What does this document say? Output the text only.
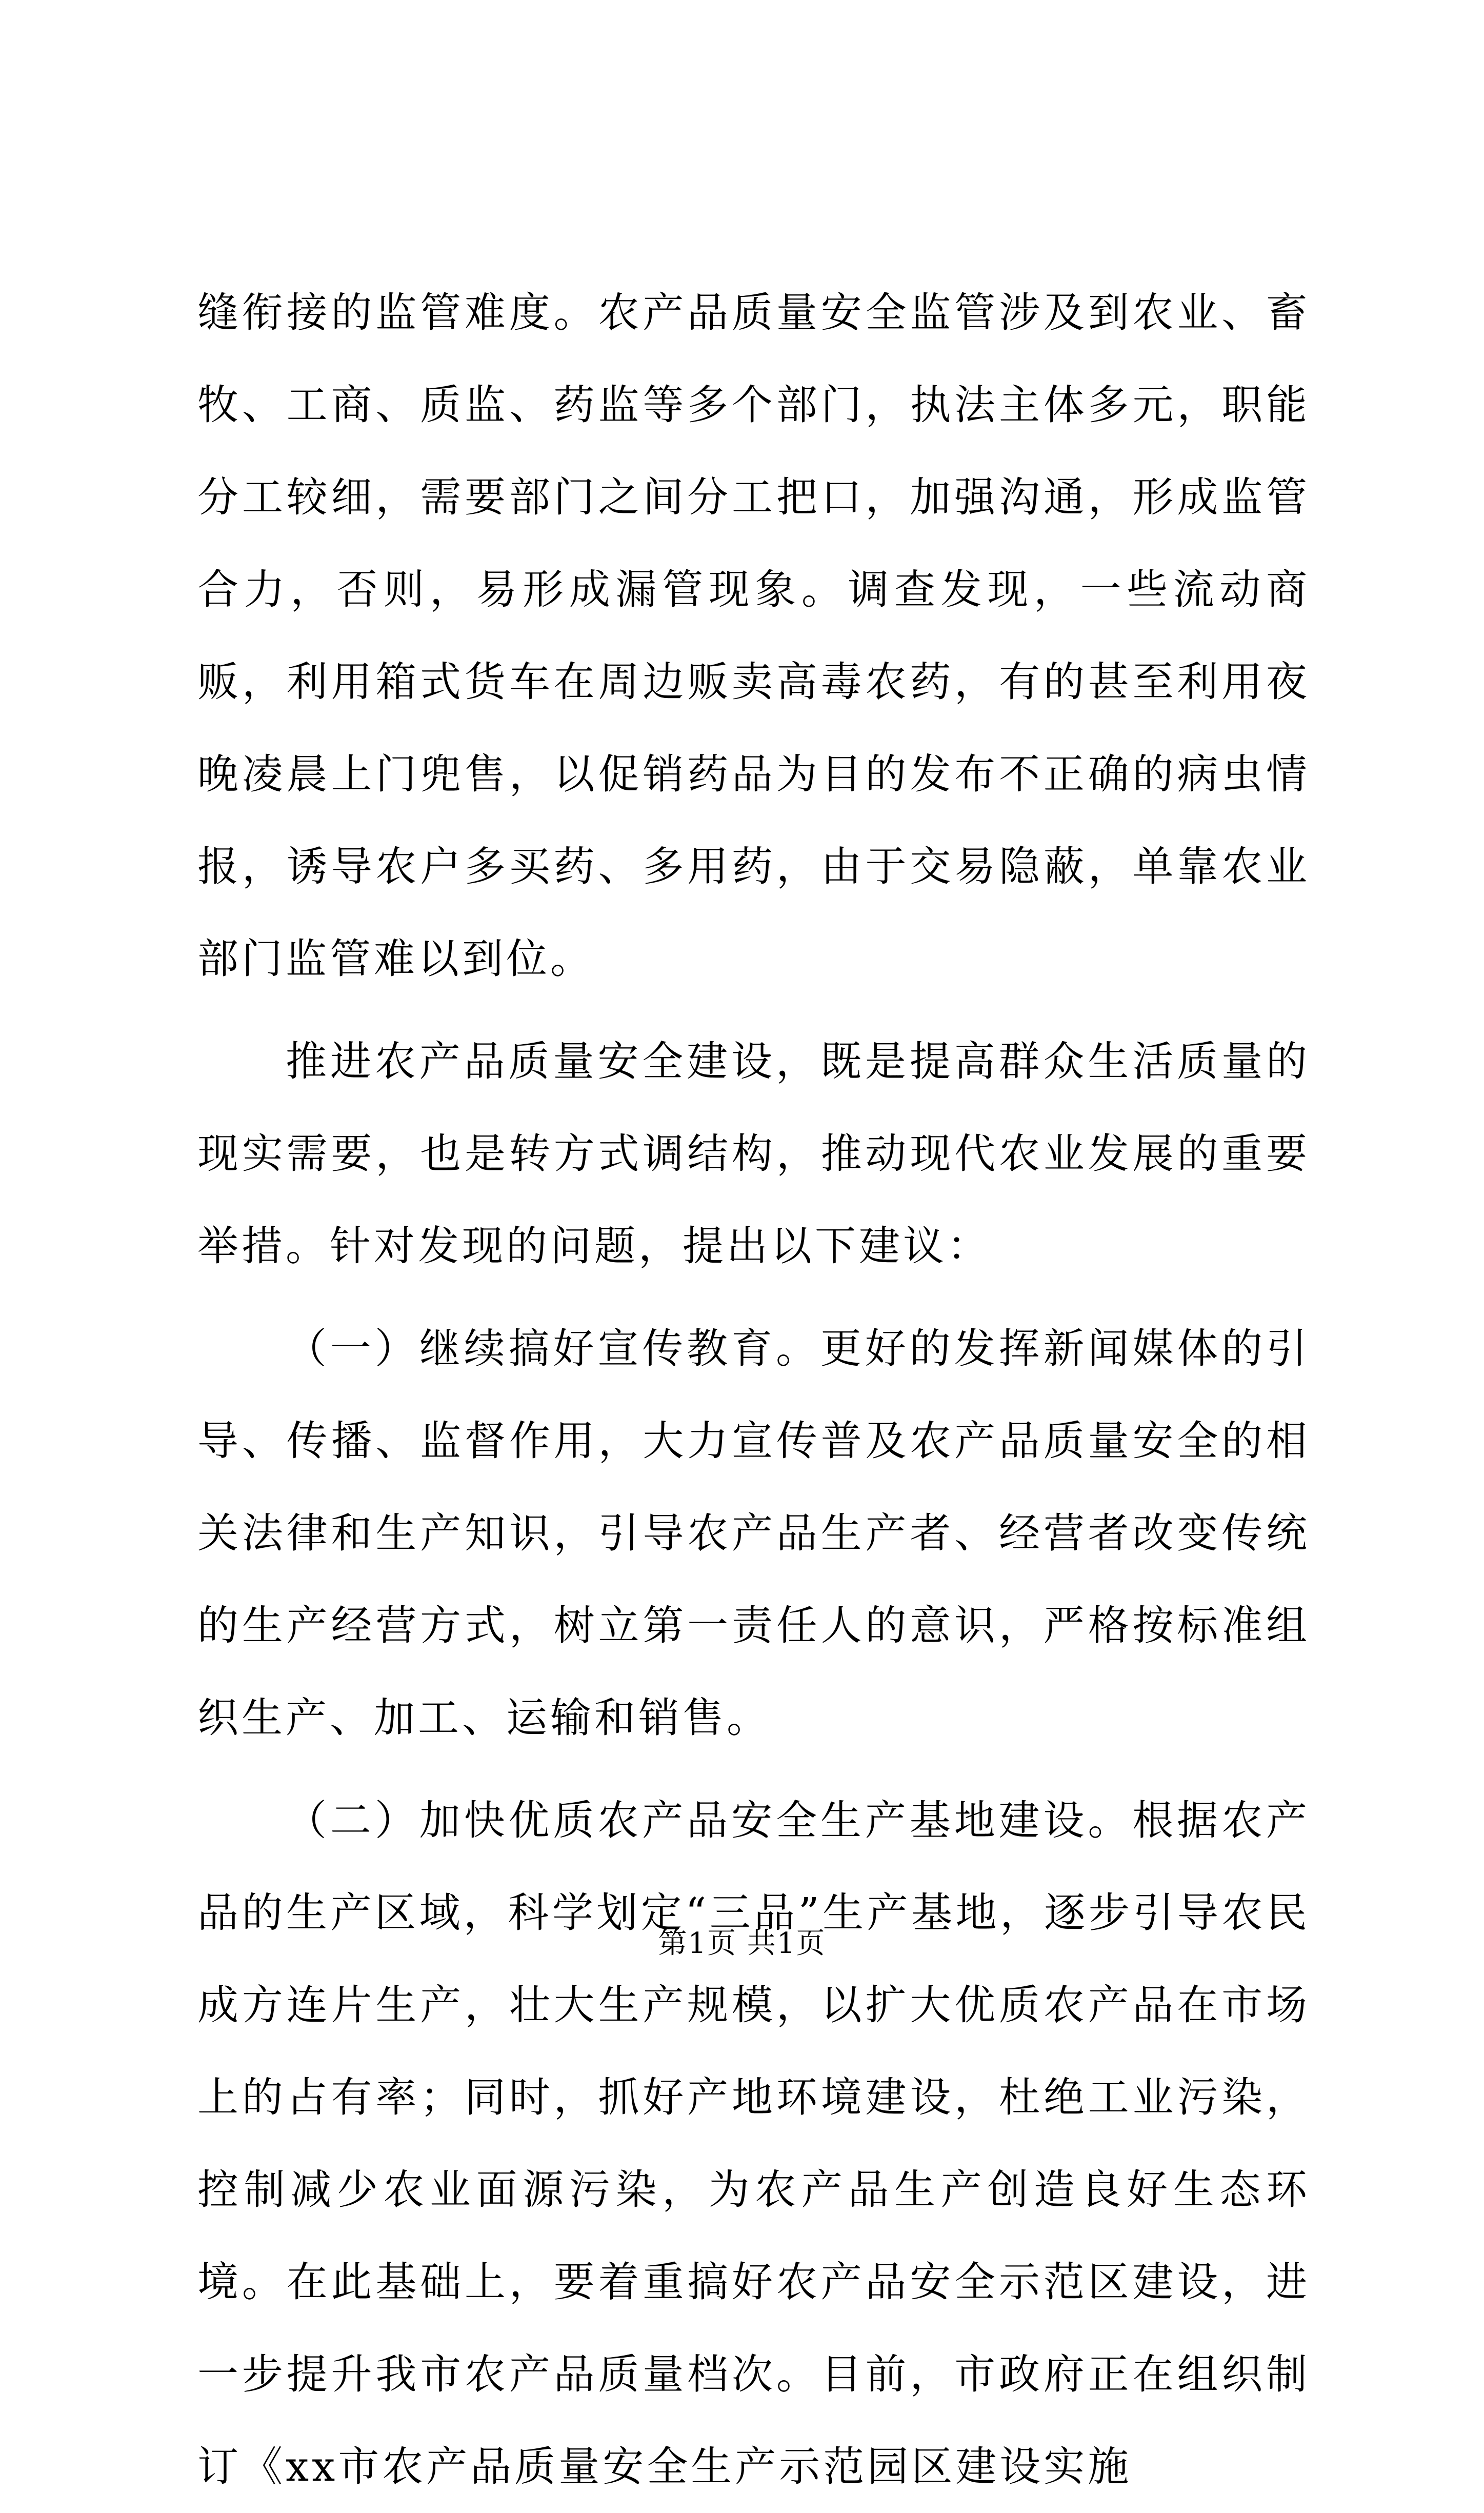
缝衔接的监管难度。农产品质量安全监管涉及到农业、畜牧、工商、质监、药监等多个部门，执法主体多元，职能分工较细，需要部门之间分工把口，加强沟通，形成监管合力，否则，易形成漏管现象。调查发现，一些流动商贩，利用箱式货车在周边贩卖高毒农药，有的甚至利用夜晚凌晨上门兜售，以促销药品为目的发布不正确的病虫情报，诱导农户多买药、多用药，由于交易隐蔽，单靠农业部门监管难以到位。

推进农产品质量安全建设，既是提高群众生活质量的现实需要，也是转方式调结构，推动现代农业发展的重要举措。针对发现的问题，提出以下建议：

（一）继续搞好宣传教育。更好的发挥新闻媒体的引导、传播、监督作用，大力宣传普及农产品质量安全的相关法律和生产知识，引导农产品生产者、经营者改变传统的生产经营方式，树立第一责任人的意识，严格按标准组织生产、加工、运输和销售。

（二）加快优质农产品安全生产基地建设。根据农产品的生产区域，科学划定“三品”生产基地，逐步引导农民成方连片生产，壮大生产规模，以扩大优质农产品在市场上的占有率；同时，抓好产地环境建设，杜绝工业污染，控制减少农业面源污染，为农产品生产创造良好生态环境。在此基础上，要着重搞好农产品安全示范区建设，进一步提升我市农产品质量档次。目前，市政府正在组织制订《xx市农产品质量安全生产示范园区建设实施

第1页 共1页
